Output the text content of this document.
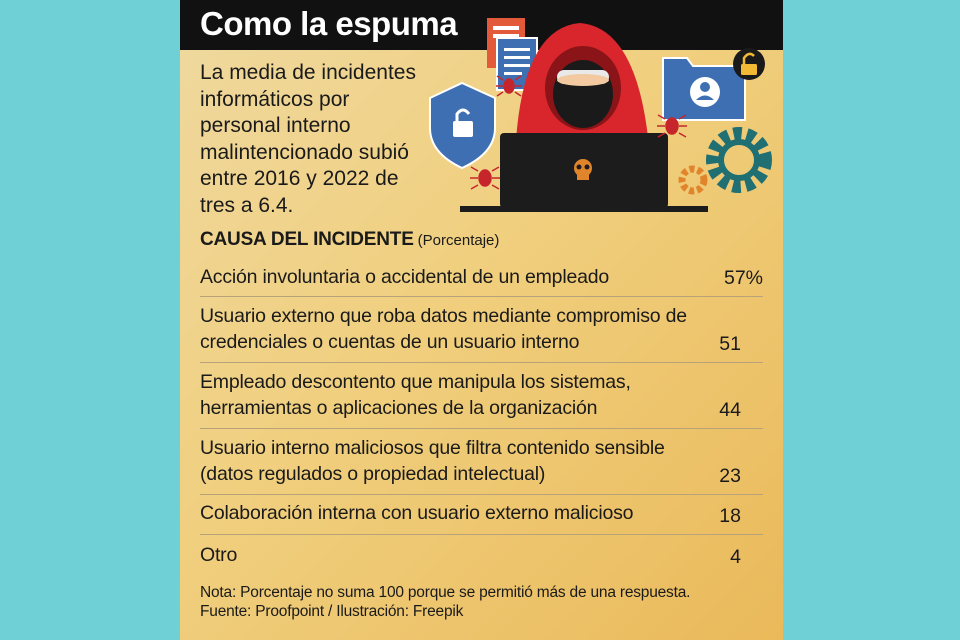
Como la espuma
La media de incidentes informáticos por personal interno malintencionado subió entre 2016 y 2022 de tres a 6.4.
CAUSA DEL INCIDENTE (Porcentaje)
Acción involuntaria o accidental de un empleado	57%
Usuario externo que roba datos mediante compromiso de credenciales o cuentas de un usuario interno	51
Empleado descontento que manipula los sistemas, herramientas o aplicaciones de la organización	44
Usuario interno maliciosos que filtra contenido sensible (datos regulados o propiedad intelectual)	23
Colaboración interna con usuario externo malicioso	18
Otro	4
Nota: Porcentaje no suma 100 porque se permitió más de una respuesta.
Fuente: Proofpoint / Ilustración: Freepik
